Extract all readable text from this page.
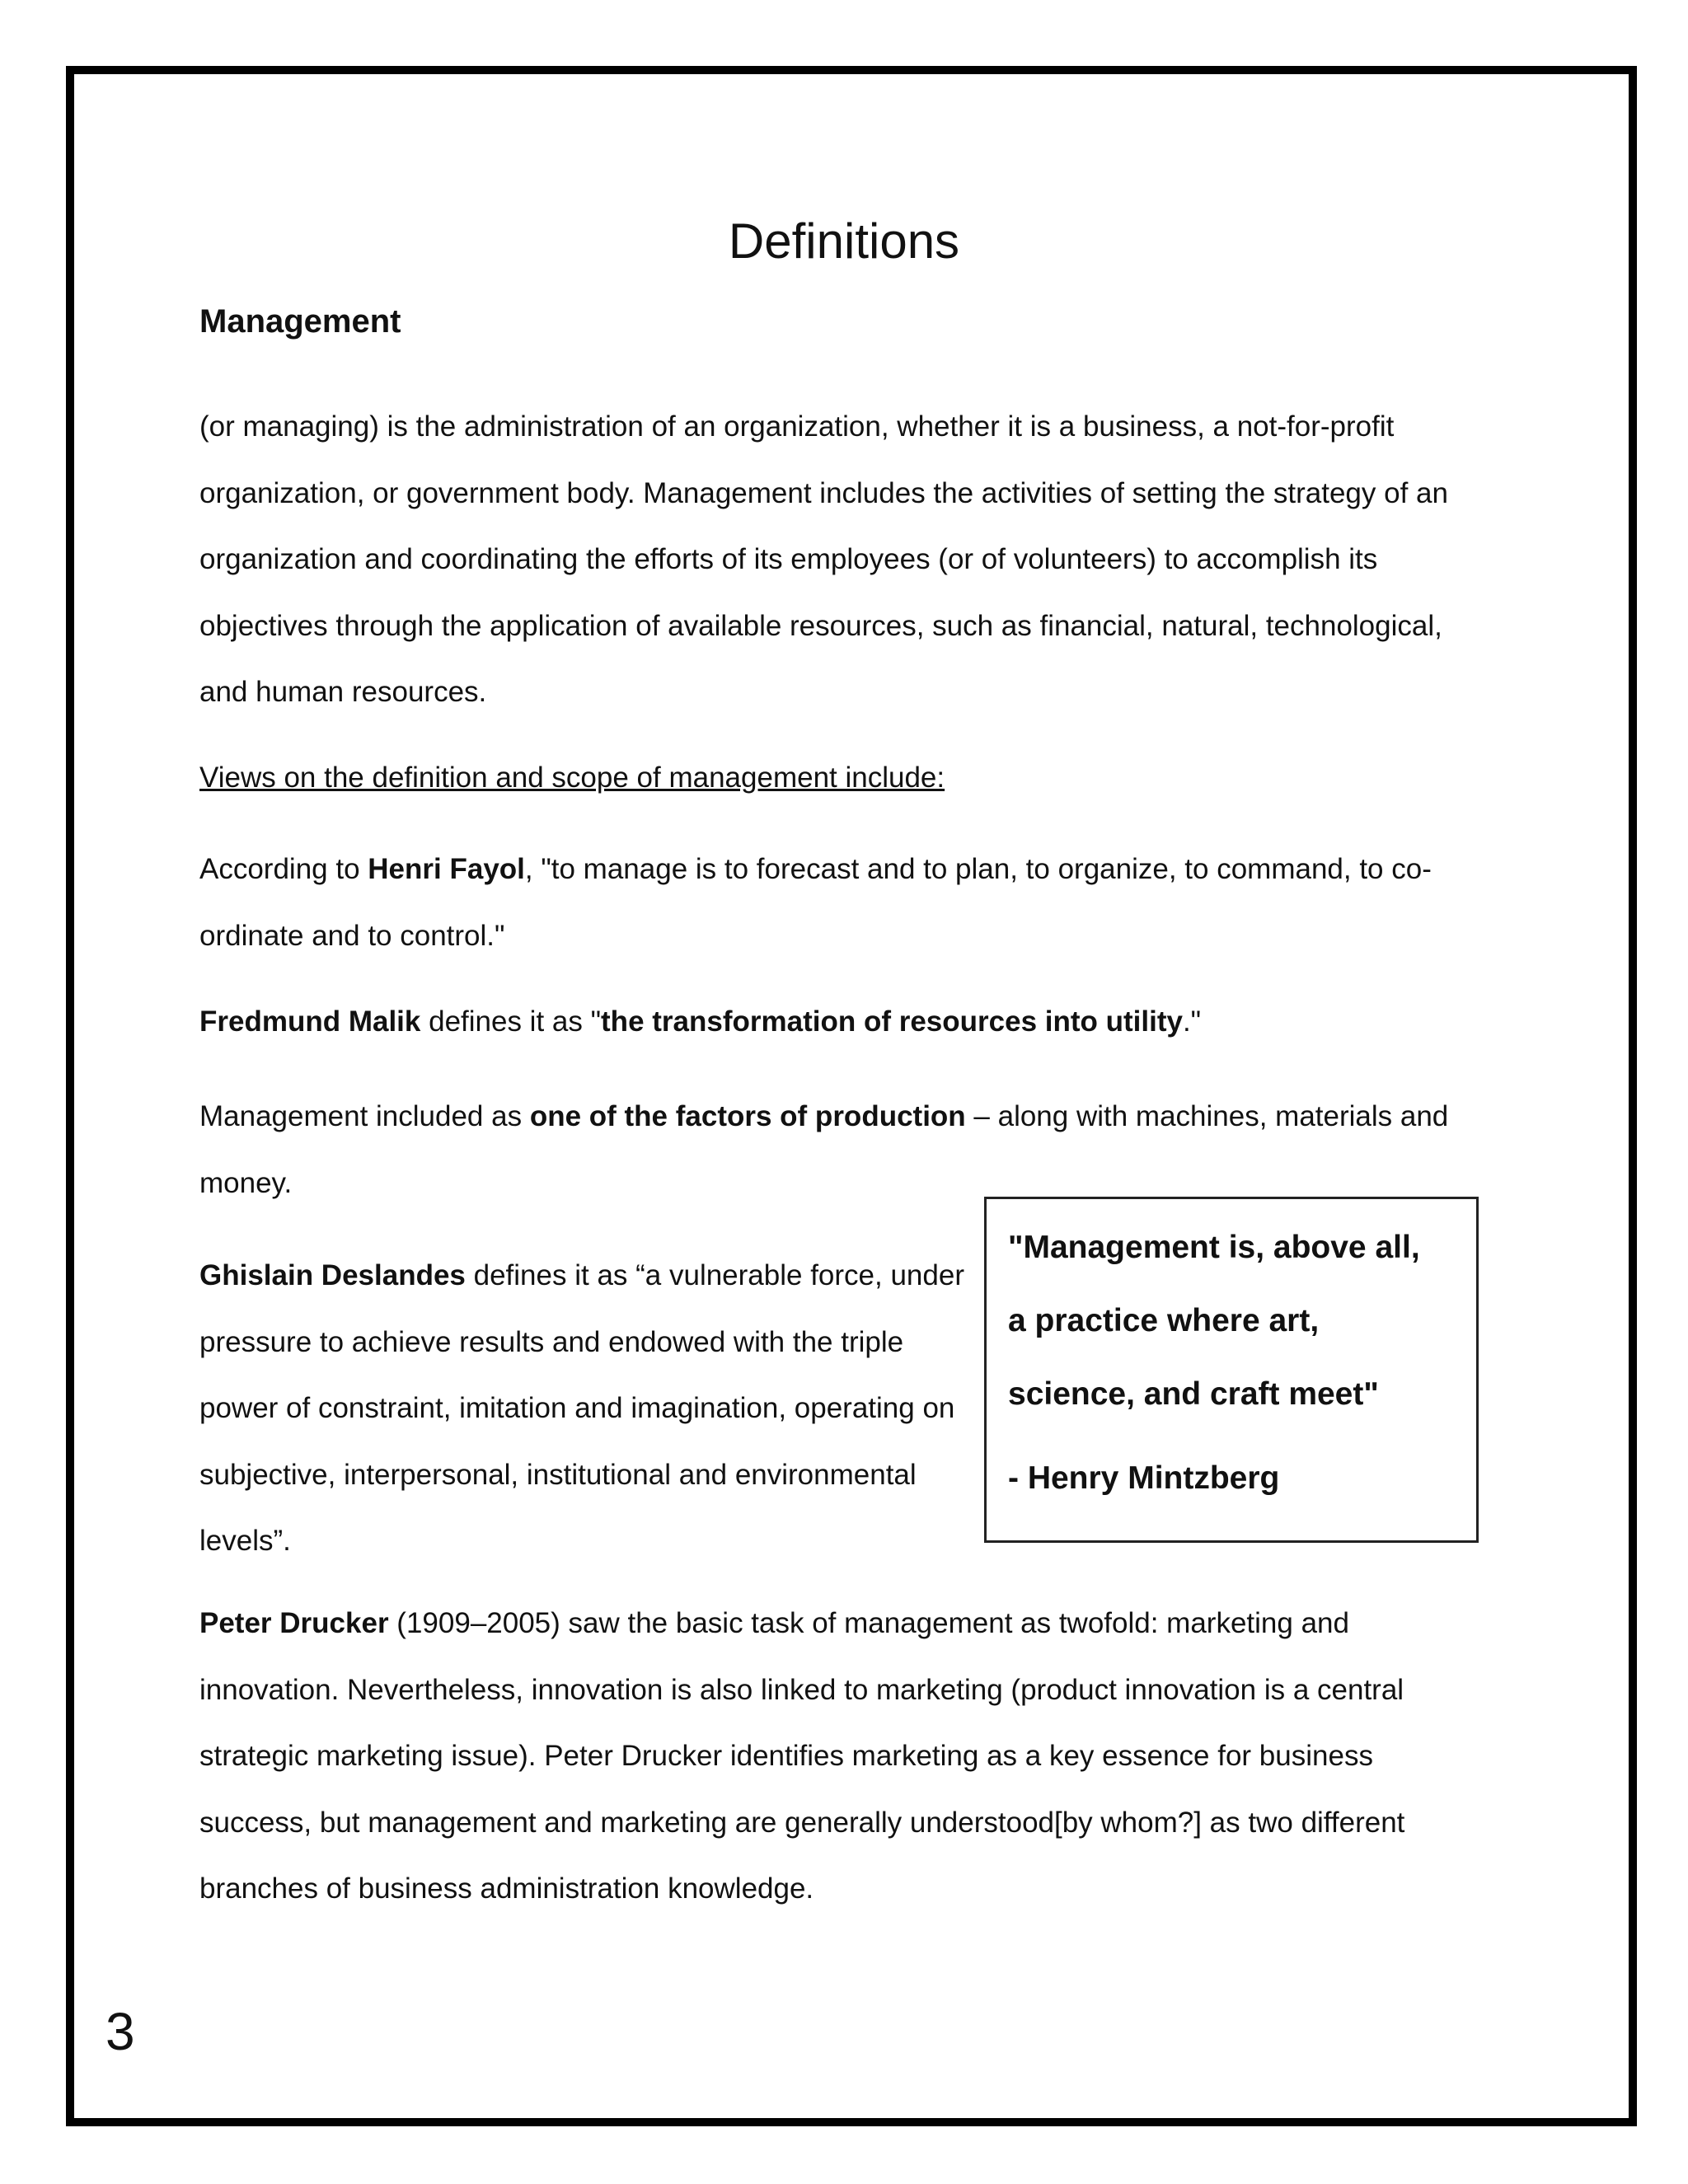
Definitions
Management

(or managing) is the administration of an organization, whether it is a business, a not-for-profit organization, or government body. Management includes the activities of setting the strategy of an organization and coordinating the efforts of its employees (or of volunteers) to accomplish its objectives through the application of available resources, such as financial, natural, technological, and human resources.

Views on the definition and scope of management include:

According to Henri Fayol, "to manage is to forecast and to plan, to organize, to command, to co-ordinate and to control."

Fredmund Malik defines it as "the transformation of resources into utility."

Management included as one of the factors of production – along with machines, materials and money.

Ghislain Deslandes defines it as “a vulnerable force, under pressure to achieve results and endowed with the triple power of constraint, imitation and imagination, operating on subjective, interpersonal, institutional and environmental levels”.

"Management is, above all,
a practice where art,
science, and craft meet"
- Henry Mintzberg

Peter Drucker (1909–2005) saw the basic task of management as twofold: marketing and innovation. Nevertheless, innovation is also linked to marketing (product innovation is a central strategic marketing issue). Peter Drucker identifies marketing as a key essence for business success, but management and marketing are generally understood[by whom?] as two different branches of business administration knowledge.

3
